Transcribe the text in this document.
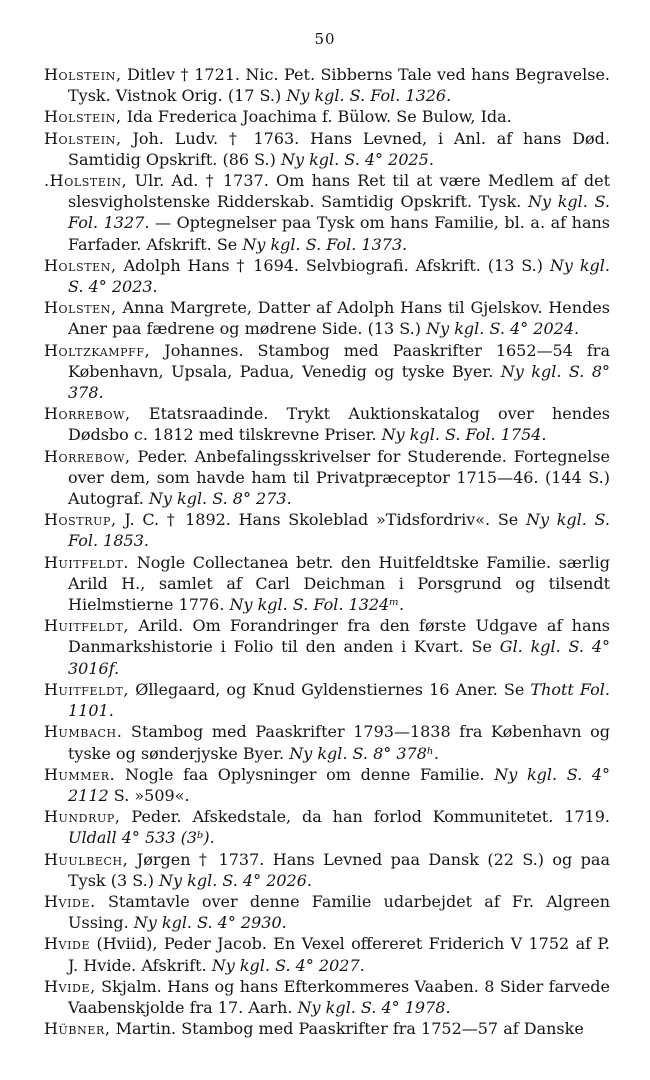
50

Holstein, Ditlev † 1721. Nic. Pet. Sibberns Tale ved hans Begravelse. Tysk. Vistnok Orig. (17 S.) Ny kgl. S. Fol. 1326.

Holstein, Ida Frederica Joachima f. Bülow. Se Bulow, Ida.

Holstein, Joh. Ludv. † 1763. Hans Levned, i Anl. af hans Død. Samtidig Opskrift. (86 S.) Ny kgl. S. 4° 2025.

.Holstein, Ulr. Ad. † 1737. Om hans Ret til at være Medlem af det slesvigholstenske Ridderskab. Samtidig Opskrift. Tysk. Ny kgl. S. Fol. 1327. — Optegnelser paa Tysk om hans Familie, bl. a. af hans Farfader. Afskrift. Se Ny kgl. S. Fol. 1373.

Holsten, Adolph Hans † 1694. Selvbiografi. Afskrift. (13 S.) Ny kgl. S. 4° 2023.

Holsten, Anna Margrete, Datter af Adolph Hans til Gjelskov. Hendes Aner paa fædrene og mødrene Side. (13 S.) Ny kgl. S. 4° 2024.

Holtzkampff, Johannes. Stambog med Paaskrifter 1652—54 fra København, Upsala, Padua, Venedig og tyske Byer. Ny kgl. S. 8° 378.

Horrebow, Etatsraadinde. Trykt Auktionskatalog over hendes Dødsbo c. 1812 med tilskrevne Priser. Ny kgl. S. Fol. 1754.

Horrebow, Peder. Anbefalingsskrivelser for Studerende. Fortegnelse over dem, som havde ham til Privatpræceptor 1715—46. (144 S.) Autograf. Ny kgl. S. 8° 273.

Hostrup, J. C. † 1892. Hans Skoleblad »Tidsfordriv«. Se Ny kgl. S. Fol. 1853.

Huitfeldt. Nogle Collectanea betr. den Huitfeldtske Familie. særlig Arild H., samlet af Carl Deichman i Porsgrund og tilsendt Hielmstierne 1776. Ny kgl. S. Fol. 1324ᵐ.

Huitfeldt, Arild. Om Forandringer fra den første Udgave af hans Danmarkshistorie i Folio til den anden i Kvart. Se Gl. kgl. S. 4° 3016f.

Huitfeldt, Øllegaard, og Knud Gyldenstiernes 16 Aner. Se Thott Fol. 1101.

Humbach. Stambog med Paaskrifter 1793—1838 fra København og tyske og sønderjyske Byer. Ny kgl. S. 8° 378ʰ.

Hummer. Nogle faa Oplysninger om denne Familie. Ny kgl. S. 4° 2112 S. »509«.

Hundrup, Peder. Afskedstale, da han forlod Kommunitetet. 1719. Uldall 4° 533 (3ᵇ).

Huulbech, Jørgen † 1737. Hans Levned paa Dansk (22 S.) og paa Tysk (3 S.) Ny kgl. S. 4° 2026.

Hvide. Stamtavle over denne Familie udarbejdet af Fr. Algreen Ussing. Ny kgl. S. 4° 2930.

Hvide (Hviid), Peder Jacob. En Vexel offereret Friderich V 1752 af P. J. Hvide. Afskrift. Ny kgl. S. 4° 2027.

Hvide, Skjalm. Hans og hans Efterkommeres Vaaben. 8 Sider farvede Vaabenskjolde fra 17. Aarh. Ny kgl. S. 4° 1978.

Hübner, Martin. Stambog med Paaskrifter fra 1752—57 af Danske
